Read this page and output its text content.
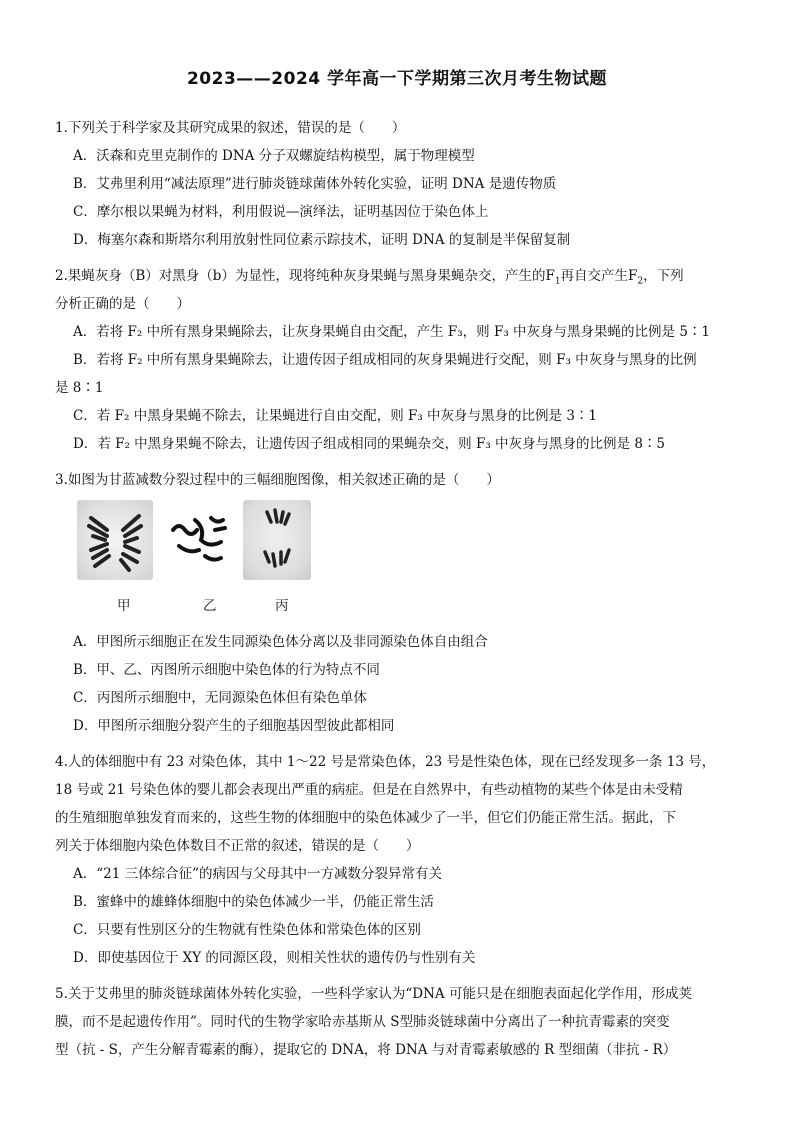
2023——2024 学年高一下学期第三次月考生物试题

1.下列关于科学家及其研究成果的叙述，错误的是（　　）

A．沃森和克里克制作的 DNA 分子双螺旋结构模型，属于物理模型

B．艾弗里利用“减法原理”进行肺炎链球菌体外转化实验，证明 DNA 是遗传物质

C．摩尔根以果蝇为材料，利用假说—演绎法，证明基因位于染色体上

D．梅塞尔森和斯塔尔利用放射性同位素示踪技术，证明 DNA 的复制是半保留复制

2.果蝇灰身（B）对黑身（b）为显性，现将纯种灰身果蝇与黑身果蝇杂交，产生的$F_1$再自交产生$F_2$，下列

分析正确的是（　　）

A．若将 F₂ 中所有黑身果蝇除去，让灰身果蝇自由交配，产生 F₃，则 F₃ 中灰身与黑身果蝇的比例是 5∶1

B．若将 F₂ 中所有黑身果蝇除去，让遗传因子组成相同的灰身果蝇进行交配，则 F₃ 中灰身与黑身的比例

是 8∶1

C．若 F₂ 中黑身果蝇不除去，让果蝇进行自由交配，则 F₃ 中灰身与黑身的比例是 3∶1

D．若 F₂ 中黑身果蝇不除去，让遗传因子组成相同的果蝇杂交，则 F₃ 中灰身与黑身的比例是 8∶5

3.如图为甘蓝减数分裂过程中的三幅细胞图像，相关叙述正确的是（　　）

甲	乙	丙

A．甲图所示细胞正在发生同源染色体分离以及非同源染色体自由组合

B．甲、乙、丙图所示细胞中染色体的行为特点不同

C．丙图所示细胞中，无同源染色体但有染色单体

D．甲图所示细胞分裂产生的子细胞基因型彼此都相同

4.人的体细胞中有 23 对染色体，其中 1～22 号是常染色体，23 号是性染色体，现在已经发现多一条 13 号，

18 号或 21 号染色体的婴儿都会表现出严重的病症。但是在自然界中，有些动植物的某些个体是由未受精

的生殖细胞单独发育而来的，这些生物的体细胞中的染色体减少了一半，但它们仍能正常生活。据此，下

列关于体细胞内染色体数目不正常的叙述，错误的是（　　）

A．“21 三体综合征”的病因与父母其中一方减数分裂异常有关

B．蜜蜂中的雄蜂体细胞中的染色体减少一半，仍能正常生活

C．只要有性别区分的生物就有性染色体和常染色体的区别

D．即使基因位于 XY 的同源区段，则相关性状的遗传仍与性别有关

5.关于艾弗里的肺炎链球菌体外转化实验，一些科学家认为“DNA 可能只是在细胞表面起化学作用，形成荚

膜，而不是起遗传作用”。同时代的生物学家哈赤基斯从 S型肺炎链球菌中分离出了一种抗青霉素的突变

型（抗 - S，产生分解青霉素的酶），提取它的 DNA，将 DNA 与对青霉素敏感的 R 型细菌（非抗 - R）
